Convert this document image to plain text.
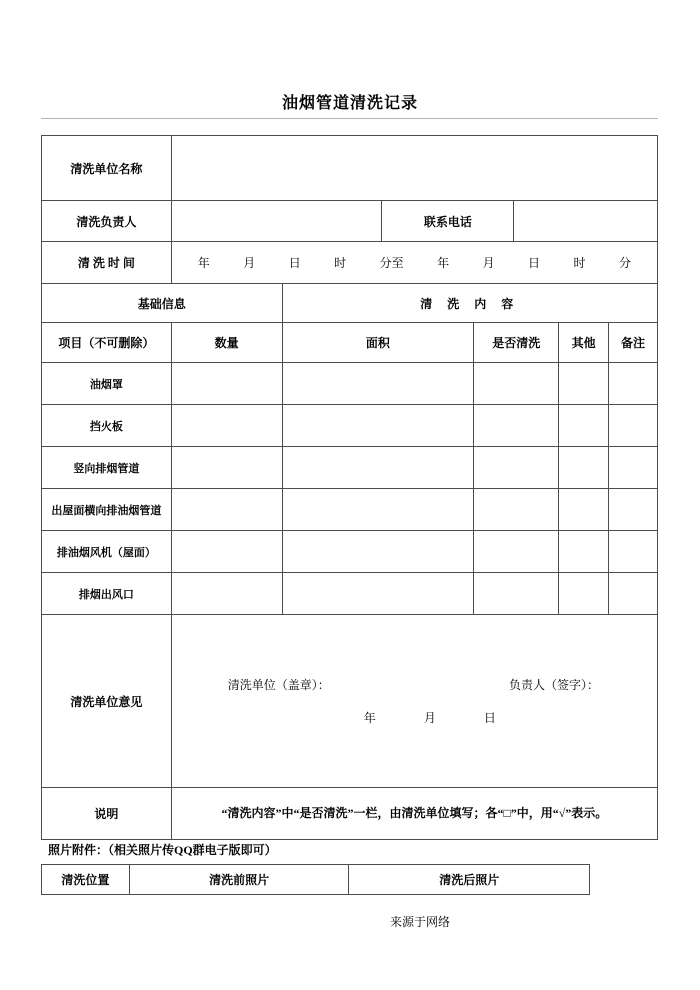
油烟管道清洗记录
清洗单位名称
清洗负责人	联系电话
清 洗 时 间	年	月	日	时	分至	年	月	日	时	分
基础信息	清 洗 内 容
项目（不可删除）	数量	面积	是否清洗	其他	备注
油烟罩
挡火板
竖向排烟管道
出屋面横向排油烟管道
排油烟风机（屋面）
排烟出风口
清洗单位意见
清洗单位（盖章）：	负责人（签字）：
年	月	日
说明	“清洗内容”中“是否清洗”一栏，由清洗单位填写；各“□”中，用“√”表示。
照片附件：（相关照片传QQ群电子版即可）
清洗位置	清洗前照片	清洗后照片
来源于网络
